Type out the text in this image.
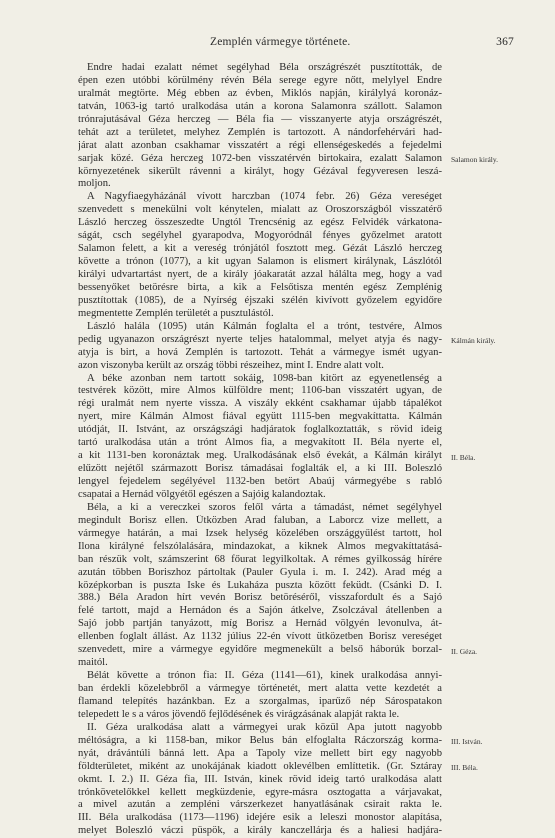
Zemplén vármegye története.	367
Endre hadai ezalatt német segélyhad Béla országrészét pusztították, de
épen ezen utóbbi körülmény révén Béla serege egyre nőtt, melylyel Endre
uralmát megtörte. Még ebben az évben, Miklós napján, királylyá koronáz-
tatván, 1063-ig tartó uralkodása után a korona Salamonra szállott. Salamon
trónrajutásával Géza herczeg — Béla fia — visszanyerte atyja országrészét,
tehát azt a területet, melyhez Zemplén is tartozott. A nándorfehérvári had-
járat alatt azonban csakhamar visszatért a régi ellenségeskedés a fejedelmi
sarjak közé. Géza herczeg 1072-ben visszatérvén birtokaira, ezalatt Salamon
környezetének sikerült rávenni a királyt, hogy Gézával fegyveresen leszá-
moljon.
A Nagyfiaegyházánál vívott harczban (1074 febr. 26) Géza vereséget
szenvedett s menekülni volt kénytelen, mialatt az Oroszországból visszatérő
László herczeg összeszedte Ungtól Trencsénig az egész Felvidék várkatona-
ságát, csch segélyhel gyarapodva, Mogyoródnál fényes győzelmet aratott
Salamon felett, a kit a vereség trónjától fosztott meg. Gézát László herczeg
követte a trónon (1077), a kit ugyan Salamon is elismert királynak, Lászlótól
királyi udvartartást nyert, de a király jóakaratát azzal hálálta meg, hogy a vad
bessenyőket betörésre birta, a kik a Felsőtisza mentén egész Zemplénig
pusztítottak (1085), de a Nyírség éjszaki szélén kivívott győzelem egyidőre
megmentette Zemplén területét a pusztulástól.
László halála (1095) után Kálmán foglalta el a trónt, testvére, Álmos
pedig ugyanazon országrészt nyerte teljes hatalommal, melyet atyja és nagy-
atyja is birt, a hová Zemplén is tartozott. Tehát a vármegye ismét ugyan-
azon viszonyba került az ország többi részeihez, mint I. Endre alatt volt.
A béke azonban nem tartott sokáig, 1098-ban kitört az egyenetlenség a
testvérek között, mire Álmos külföldre ment; 1106-ban visszatért ugyan, de
régi uralmát nem nyerte vissza. A viszály ekként csakhamar újabb tápalékot
nyert, mire Kálmán Álmost fiával együtt 1115-ben megvakíttatta. Kálmán
utódját, II. Istvánt, az országszági hadjáratok foglalkoztatták, s rövid ideig
tartó uralkodása után a trónt Álmos fia, a megvakított II. Béla nyerte el,
a kit 1131-ben koronáztak meg. Uralkodásának első évekát, a Kálmán királyt
elűzött nejétől származott Borisz támadásai foglalták el, a ki III. Boleszló
lengyel fejedelem segélyével 1132-ben betört Abaúj vármegyébe s rabló
csapatai a Hernád völgyétől egészen a Sajóig kalandoztak.
Béla, a ki a vereczkei szoros felől várta a támadást, német segélyhyel
megindult Borisz ellen. Ütközben Arad faluban, a Laborcz vize mellett, a
vármegye határán, a mai Izsek helység közelében országgyűlést tartott, hol
Ilona királyné felszólalására, mindazokat, a kiknek Álmos megvakíttatásá-
ban részük volt, számszerint 68 főurat legyilkoltak. A rémes gyilkosság hírére
azután többen Boriszhoz pártoltak (Pauler Gyula i. m. I. 242). Arad még a
középkorban is puszta Iske és Lukaháza puszta között feküdt. (Csánki D. I.
388.) Béla Aradon hírt vevén Borisz betöréséről, visszafordult és a Sajó
felé tartott, majd a Hernádon és a Sajón átkelve, Zsolczával átellenben a
Sajó jobb partján tanyázott, míg Borisz a Hernád völgyén levonulva, át-
ellenben foglalt állást. Az 1132 július 22-én vívott ütközetben Borisz vereséget
szenvedett, mire a vármegye egyidőre megmenekült a belső háborúk borzal-
maitól.
Bélát követte a trónon fia: II. Géza (1141—61), kinek uralkodása annyi-
ban érdekli közelebbről a vármegye történetét, mert alatta vette kezdetét a
flamand telepítés hazánkban. Ez a szorgalmas, iparűző nép Sárospatakon
telepedett le s a város jövendő fejlődésének és virágzásának alapját rakta le.
II. Géza uralkodása alatt a vármegyei urak közül Apa jutott nagyobb
méltóságra, a ki 1158-ban, mikor Belus bán elfoglalta Ráczország korma-
nyát, drávántúli bánná lett. Apa a Tapoly vize mellett birt egy nagyobb
földterületet, miként az unokájának kiadott oklevélben említtetik. (Gr. Sztáray
okmt. I. 2.) II. Géza fia, III. István, kinek rövid ideig tartó uralkodása alatt
trónkövetelőkkel kellett megküzdenie, egyre-másra osztogatta a várjavakat,
a mivel azután a zempléni várszerkezet hanyatlásának csirait rakta le.
III. Béla uralkodása (1173—1196) idejére esik a leleszi monostor alapítása,
melyet Boleszló váczi püspök, a király kanczellárja és a haliesi hadjára-
Salamon király.
Kálmán király.
II. Béla.
II. Géza.
III. István.
III. Béla.
